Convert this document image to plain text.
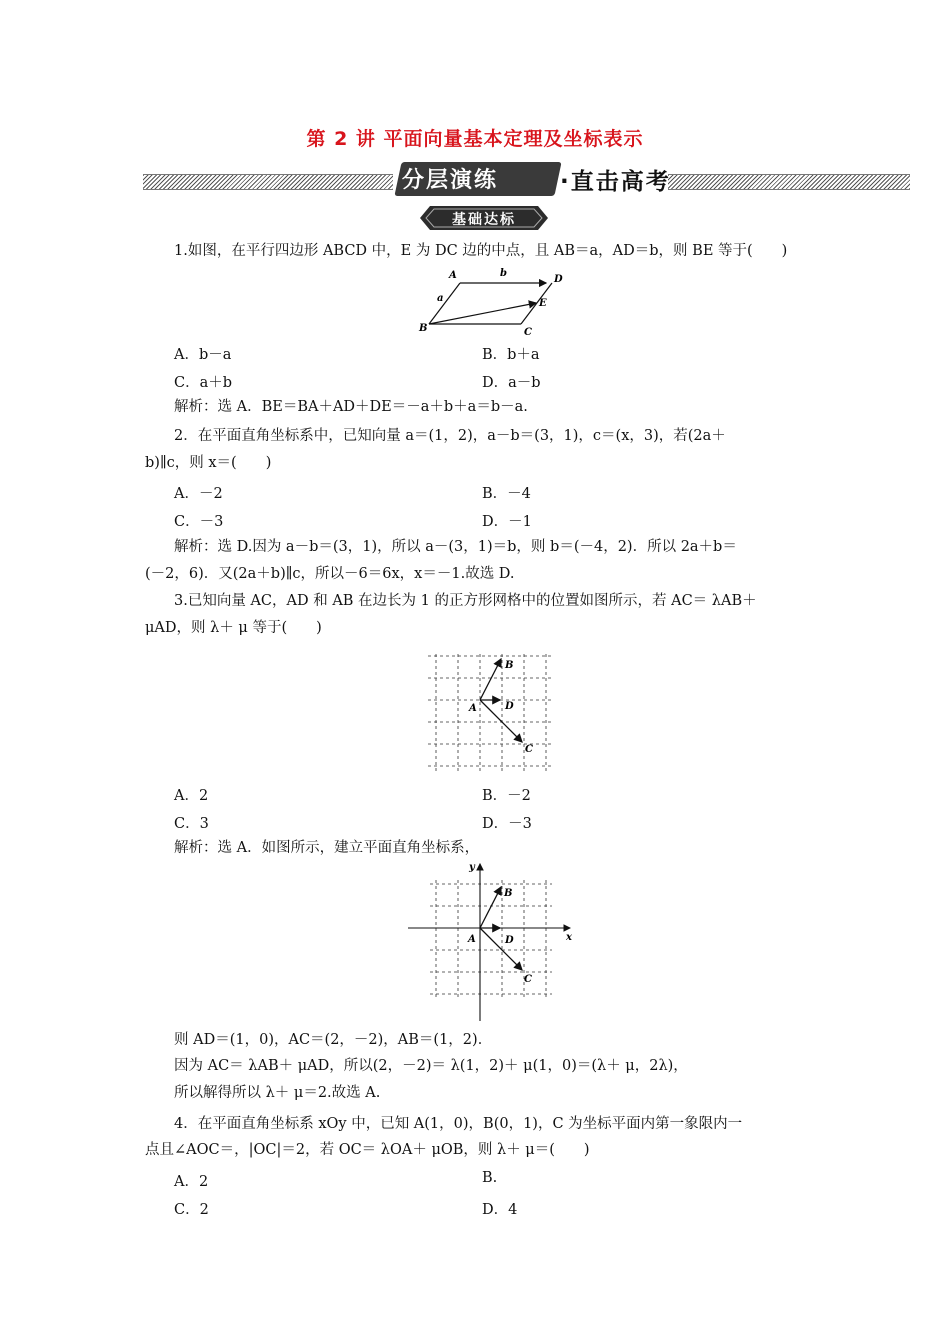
第 2 讲 平面向量基本定理及坐标表示
分层演练	·直击高考
基础达标
1.如图，在平行四边形 ABCD 中，E 为 DC 边的中点，且 AB＝a，AD＝b，则 BE 等于(　　)
A
B	C
D
E
a
b
A．b－a	B．b＋a
C．a＋b	D．a－b
解析：选 A．BE＝BA＋AD＋DE＝－a＋b＋a＝b－a.
2．在平面直角坐标系中，已知向量 a＝(1，2)，a－b＝(3，1)，c＝(x，3)，若(2a＋
b)∥c，则 x＝(　　)
A．－2	B．－4
C．－3	D．－1
解析：选 D.因为 a－b＝(3，1)，所以 a－(3，1)＝b，则 b＝(－4，2)．所以 2a＋b＝
(－2，6)．又(2a＋b)∥c，所以－6＝6x，x＝－1.故选 D.
3.已知向量 AC，AD 和 AB 在边长为 1 的正方形网格中的位置如图所示，若 AC＝ λAB＋
μAD，则 λ＋ μ 等于(　　)
A
B
C
D
A．2	B．－2
C．3	D．－3
解析：选 A．如图所示，建立平面直角坐标系，
A
B
C
D	x
y
则 AD＝(1，0)，AC＝(2，－2)，AB＝(1，2)．
因为 AC＝ λAB＋ μAD，所以(2，－2)＝ λ(1，2)＋ μ(1，0)＝(λ＋ μ，2λ)，
所以解得所以 λ＋ μ＝2.故选 A.
4．在平面直角坐标系 xOy 中，已知 A(1，0)，B(0，1)，C 为坐标平面内第一象限内一
点且∠AOC＝，|OC|＝2，若 OC＝ λOA＋ μOB，则 λ＋ μ＝(　　)
A．2	B.
C．2	D．4
